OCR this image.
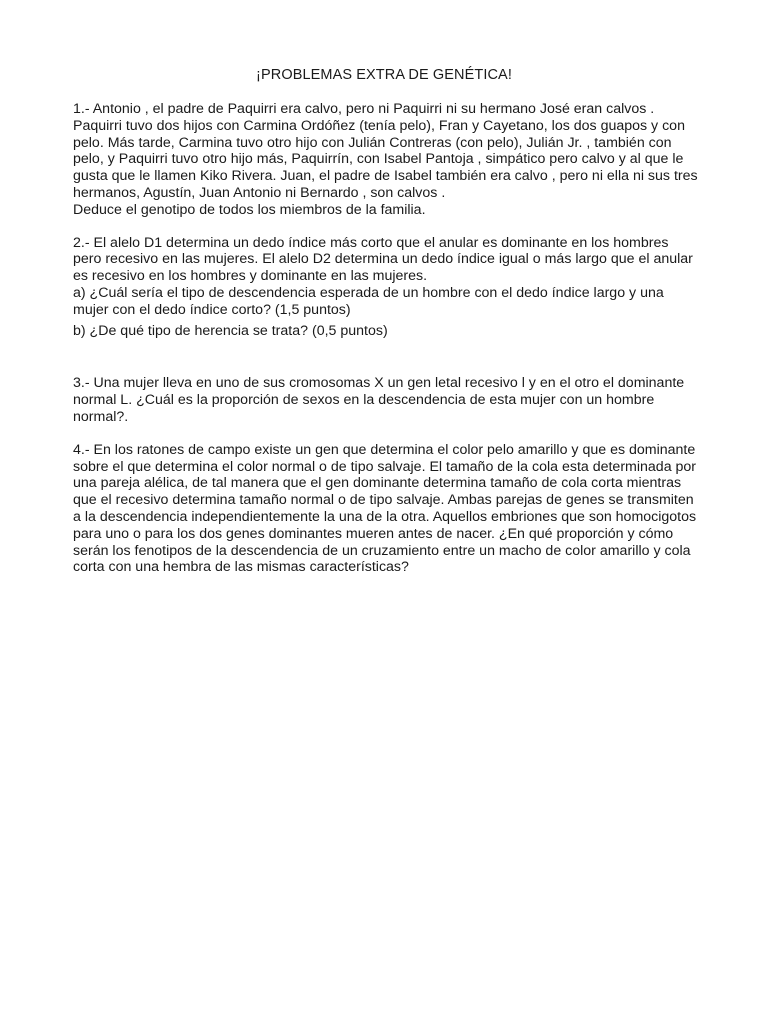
¡PROBLEMAS EXTRA DE GENÉTICA!

1.- Antonio , el padre de Paquirri era calvo, pero ni Paquirri ni su hermano José eran calvos . Paquirri tuvo dos hijos con Carmina Ordóñez (tenía pelo), Fran y Cayetano, los dos guapos y con pelo. Más tarde, Carmina tuvo otro hijo con Julián Contreras (con pelo), Julián Jr. , también con pelo, y Paquirri tuvo otro hijo más, Paquirrín, con Isabel Pantoja , simpático pero calvo y al que le gusta que le llamen Kiko Rivera. Juan, el padre de Isabel también era calvo , pero ni ella ni sus tres hermanos, Agustín, Juan Antonio ni Bernardo , son calvos .

Deduce el genotipo de todos los miembros de la familia.

2.- El alelo D1 determina un dedo índice más corto que el anular es dominante en los hombres pero recesivo en las mujeres. El alelo D2 determina un dedo índice igual o más largo que el anular es recesivo en los hombres y dominante en las mujeres.

a) ¿Cuál sería el tipo de descendencia esperada de un hombre con el dedo índice largo y una mujer con el dedo índice corto? (1,5 puntos)

b) ¿De qué tipo de herencia se trata? (0,5 puntos)

3.- Una mujer lleva en uno de sus cromosomas X un gen letal recesivo l y en el otro el dominante normal L. ¿Cuál es la proporción de sexos en la descendencia de esta mujer con un hombre normal?.

4.- En los ratones de campo existe un gen que determina el color pelo amarillo y que es dominante sobre el que determina el color normal o de tipo salvaje. El tamaño de la cola esta determinada por una pareja alélica, de tal manera que el gen dominante determina tamaño de cola corta mientras que el recesivo determina tamaño normal o de tipo salvaje. Ambas parejas de genes se transmiten a la descendencia independientemente la una de la otra. Aquellos embriones que son homocigotos para uno o para los dos genes dominantes mueren antes de nacer. ¿En qué proporción y cómo serán los fenotipos de la descendencia de un cruzamiento entre un macho de color amarillo y cola corta con una hembra de las mismas características?
